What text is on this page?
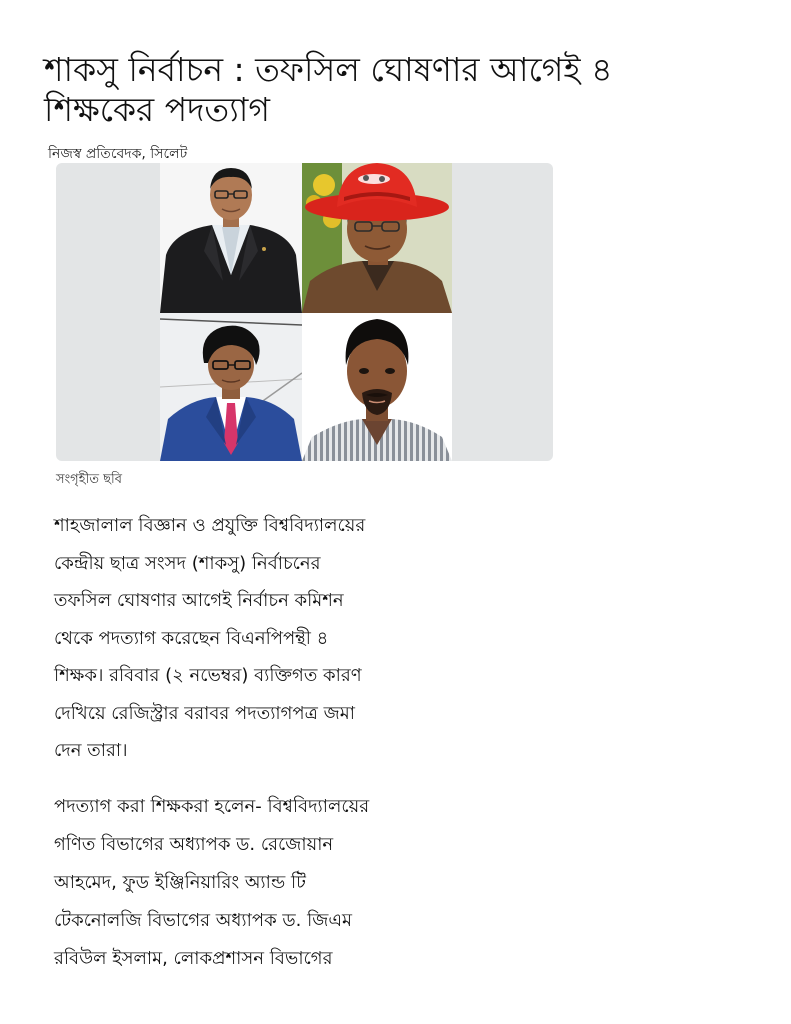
শাকসু নির্বাচন : তফসিল ঘোষণার আগেই ৪
শিক্ষকের পদত্যাগ
নিজস্ব প্রতিবেদক, সিলেট
সংগৃহীত ছবি

শাহজালাল বিজ্ঞান ও প্রযুক্তি বিশ্ববিদ্যালয়ের

কেন্দ্রীয় ছাত্র সংসদ (শাকসু) নির্বাচনের

তফসিল ঘোষণার আগেই নির্বাচন কমিশন

থেকে পদত্যাগ করেছেন বিএনপিপন্থী ৪

শিক্ষক। রবিবার (২ নভেম্বর) ব্যক্তিগত কারণ

দেখিয়ে রেজিস্ট্রার বরাবর পদত্যাগপত্র জমা

দেন তারা।

পদত্যাগ করা শিক্ষকরা হলেন- বিশ্ববিদ্যালয়ের

গণিত বিভাগের অধ্যাপক ড. রেজোয়ান

আহমেদ, ফুড ইঞ্জিনিয়ারিং অ্যান্ড টি

টেকনোলজি বিভাগের অধ্যাপক ড. জিএম

রবিউল ইসলাম, লোকপ্রশাসন বিভাগের
